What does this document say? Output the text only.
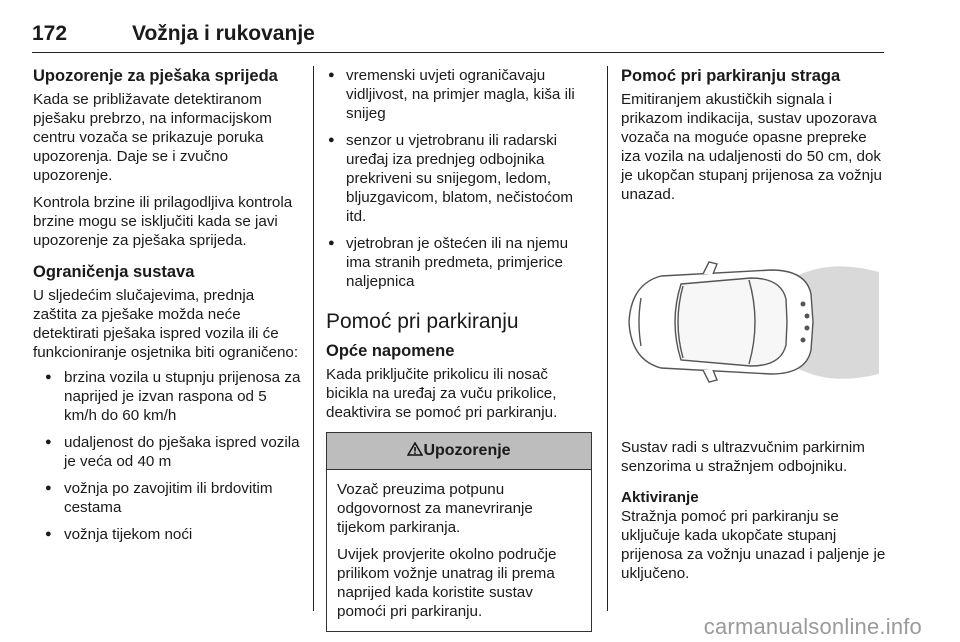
172	Vožnja i rukovanje
Upozorenje za pješaka sprijeda

Kada se približavate detektiranom pješaku prebrzo, na informacijskom centru vozača se prikazuje poruka upozorenja. Daje se i zvučno upozorenje.

Kontrola brzine ili prilagodljiva kontrola brzine mogu se isključiti kada se javi upozorenje za pješaka sprijeda.

Ograničenja sustava

U sljedećim slučajevima, prednja zaštita za pješake možda neće detektirati pješaka ispred vozila ili će funkcioniranje osjetnika biti ograničeno:

● brzina vozila u stupnju prijenosa za naprijed je izvan raspona od 5 km/h do 60 km/h
● udaljenost do pješaka ispred vozila je veća od 40 m
● vožnja po zavojitim ili brdovitim cestama
● vožnja tijekom noći
● vremenski uvjeti ograničavaju vidljivost, na primjer magla, kiša ili snijeg
● senzor u vjetrobranu ili radarski uređaj iza prednjeg odbojnika prekriveni su snijegom, ledom, bljuzgavicom, blatom, nečistoćom itd.
● vjetrobran je oštećen ili na njemu ima stranih predmeta, primjerice naljepnica
Pomoć pri parkiranju
Opće napomene

Kada priključite prikolicu ili nosač bicikla na uređaj za vuču prikolice, deaktivira se pomoć pri parkiranju.

Upozorenje

Vozač preuzima potpunu odgovornost za manevriranje tijekom parkiranja.

Uvijek provjerite okolno područje prilikom vožnje unatrag ili prema naprijed kada koristite sustav pomoći pri parkiranju.

Pomoć pri parkiranju straga

Emitiranjem akustičkih signala i prikazom indikacija, sustav upozorava vozača na moguće opasne prepreke iza vozila na udaljenosti do 50 cm, dok je ukopčan stupanj prijenosa za vožnju unazad.

Sustav radi s ultrazvučnim parkirnim senzorima u stražnjem odbojniku.

Aktiviranje

Stražnja pomoć pri parkiranju se uključuje kada ukopčate stupanj prijenosa za vožnju unazad i paljenje je uključeno.

carmanualsonline.info
